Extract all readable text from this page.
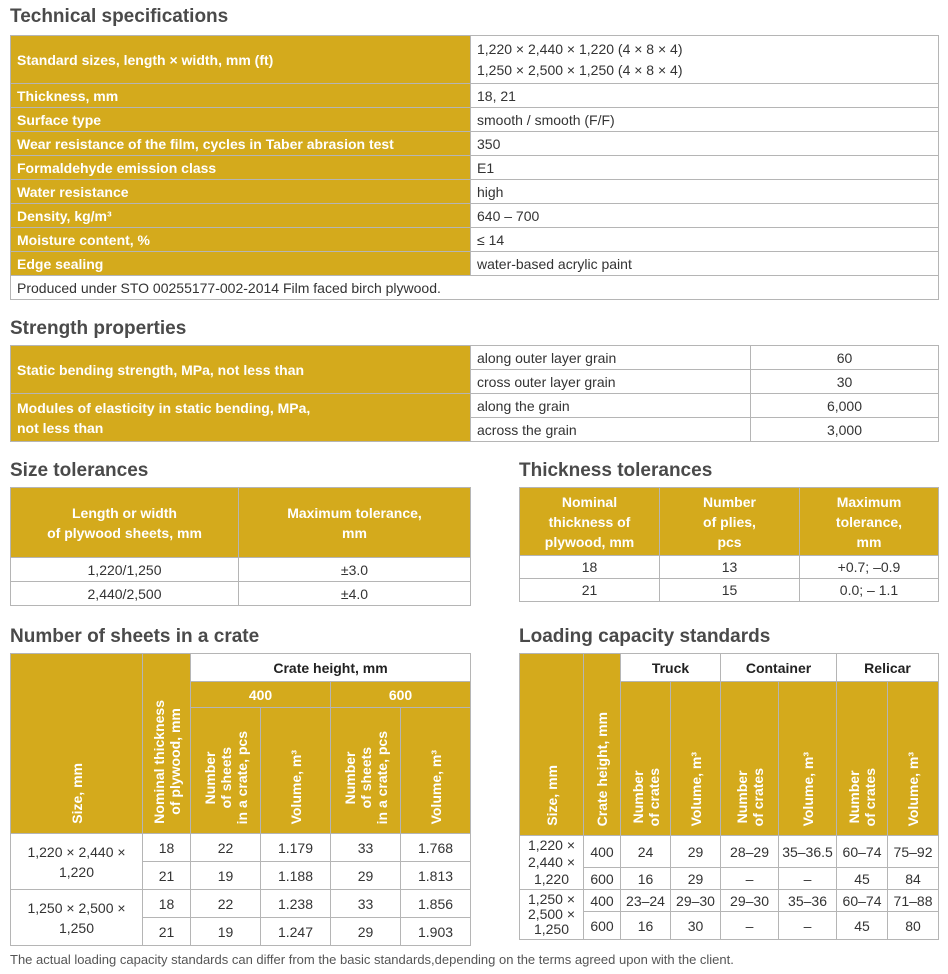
Technical specifications
Standard sizes, length × width, mm (ft)	1,220 × 2,440 × 1,220 (4 × 8 × 4)
1,250 × 2,500 × 1,250 (4 × 8 × 4)
Thickness, mm	18, 21
Surface type	smooth / smooth (F/F)
Wear resistance of the film, cycles in Taber abrasion test	350
Formaldehyde emission class	E1
Water resistance	high
Density, kg/m³	640 – 700
Moisture content, %	≤ 14
Edge sealing	water-based acrylic paint
Produced under STO 00255177-002-2014 Film faced birch plywood.	
Strength properties
Static bending strength, MPa, not less than	along outer layer grain	60
	cross outer layer grain	30
Modules of elasticity in static bending, MPa,
not less than	along the grain	6,000
	across the grain	3,000
Size tolerances
Length or width
of plywood sheets, mm	Maximum tolerance,
mm
1,220/1,250	±3.0
2,440/2,500	±4.0
Thickness tolerances
Nominal
thickness of
plywood, mm	Number
of plies,
pcs	Maximum
tolerance,
mm
18	13	+0.7; –0.9
21	15	0.0; – 1.1
Number of sheets in a crate
Size, mm	Nominal thickness
of plywood, mm	Crate height, mm			
		400		600	
		Number
of sheets
in a crate, pcs	Volume, m³	Number
of sheets
in a crate, pcs	Volume, m³
1,220 × 2,440 ×
1,220	18	22	1.179	33	1.768
	21	19	1.188	29	1.813
1,250 × 2,500 ×
1,250	18	22	1.238	33	1.856
	21	19	1.247	29	1.903
Loading capacity standards
Size, mm	Crate height, mm	Truck		Container		Relicar	
		Number
of crates	Volume, m³	Number
of crates	Volume, m³	Number
of crates	Volume, m³
1,220 ×
2,440 ×
1,220	400	24	29	28–29	35–36.5	60–74	75–92
	600	16	29	–	–	45	84
1,250 ×
2,500 ×
1,250	400	23–24	29–30	29–30	35–36	60–74	71–88
	600	16	30	–	–	45	80

The actual loading capacity standards can differ from the basic standards,depending on the terms agreed upon with the client.
